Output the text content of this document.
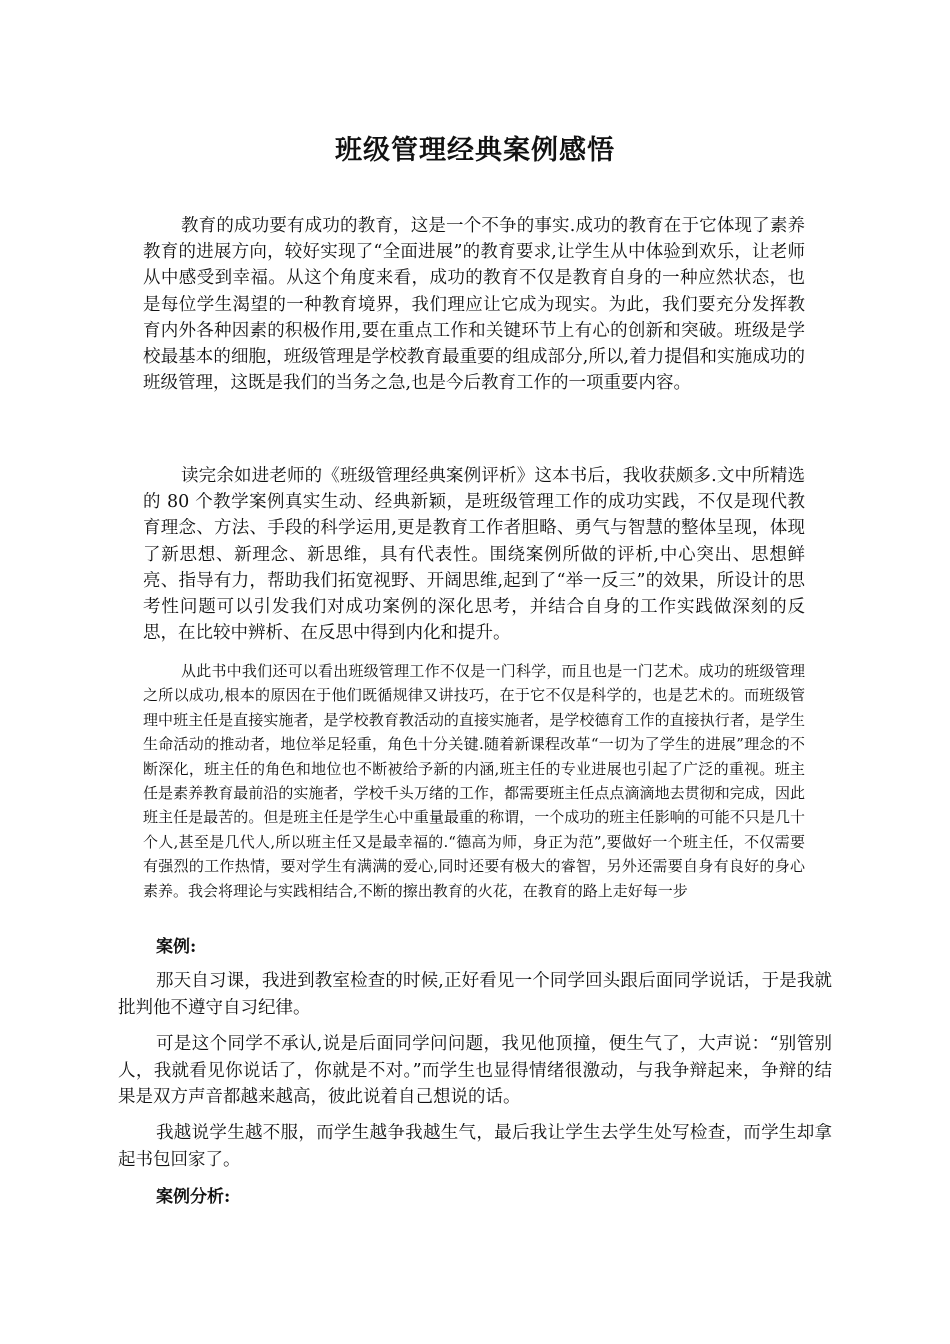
班级管理经典案例感悟

教育的成功要有成功的教育，这是一个不争的事实.成功的教育在于它体现了素养教育的进展方向，较好实现了“全面进展”的教育要求,让学生从中体验到欢乐，让老师从中感受到幸福。从这个角度来看，成功的教育不仅是教育自身的一种应然状态，也是每位学生渴望的一种教育境界，我们理应让它成为现实。为此，我们要充分发挥教育内外各种因素的积极作用,要在重点工作和关键环节上有心的创新和突破。班级是学校最基本的细胞，班级管理是学校教育最重要的组成部分,所以,着力提倡和实施成功的班级管理，这既是我们的当务之急,也是今后教育工作的一项重要内容。

读完余如进老师的《班级管理经典案例评析》这本书后，我收获颇多.文中所精选的 80 个教学案例真实生动、经典新颖，是班级管理工作的成功实践，不仅是现代教育理念、方法、手段的科学运用,更是教育工作者胆略、勇气与智慧的整体呈现，体现了新思想、新理念、新思维，具有代表性。围绕案例所做的评析,中心突出、思想鲜亮、指导有力，帮助我们拓宽视野、开阔思维,起到了“举一反三”的效果，所设计的思考性问题可以引发我们对成功案例的深化思考，并结合自身的工作实践做深刻的反思，在比较中辨析、在反思中得到内化和提升。

从此书中我们还可以看出班级管理工作不仅是一门科学，而且也是一门艺术。成功的班级管理之所以成功,根本的原因在于他们既循规律又讲技巧，在于它不仅是科学的，也是艺术的。而班级管理中班主任是直接实施者，是学校教育教活动的直接实施者，是学校德育工作的直接执行者，是学生生命活动的推动者，地位举足轻重，角色十分关键.随着新课程改革“一切为了学生的进展”理念的不断深化，班主任的角色和地位也不断被给予新的内涵,班主任的专业进展也引起了广泛的重视。班主任是素养教育最前沿的实施者，学校千头万绪的工作，都需要班主任点点滴滴地去贯彻和完成，因此班主任是最苦的。但是班主任是学生心中重量最重的称谓，一个成功的班主任影响的可能不只是几十个人,甚至是几代人,所以班主任又是最幸福的.“德高为师，身正为范”,要做好一个班主任，不仅需要有强烈的工作热情，要对学生有满满的爱心,同时还要有极大的睿智，另外还需要自身有良好的身心素养。我会将理论与实践相结合,不断的擦出教育的火花，在教育的路上走好每一步

案例:

那天自习课，我进到教室检查的时候,正好看见一个同学回头跟后面同学说话，于是我就批判他不遵守自习纪律。

可是这个同学不承认,说是后面同学问问题，我见他顶撞，便生气了，大声说：“别管别人，我就看见你说话了，你就是不对。”而学生也显得情绪很激动，与我争辩起来，争辩的结果是双方声音都越来越高，彼此说着自己想说的话。

我越说学生越不服，而学生越争我越生气，最后我让学生去学生处写检查，而学生却拿起书包回家了。

案例分析:
